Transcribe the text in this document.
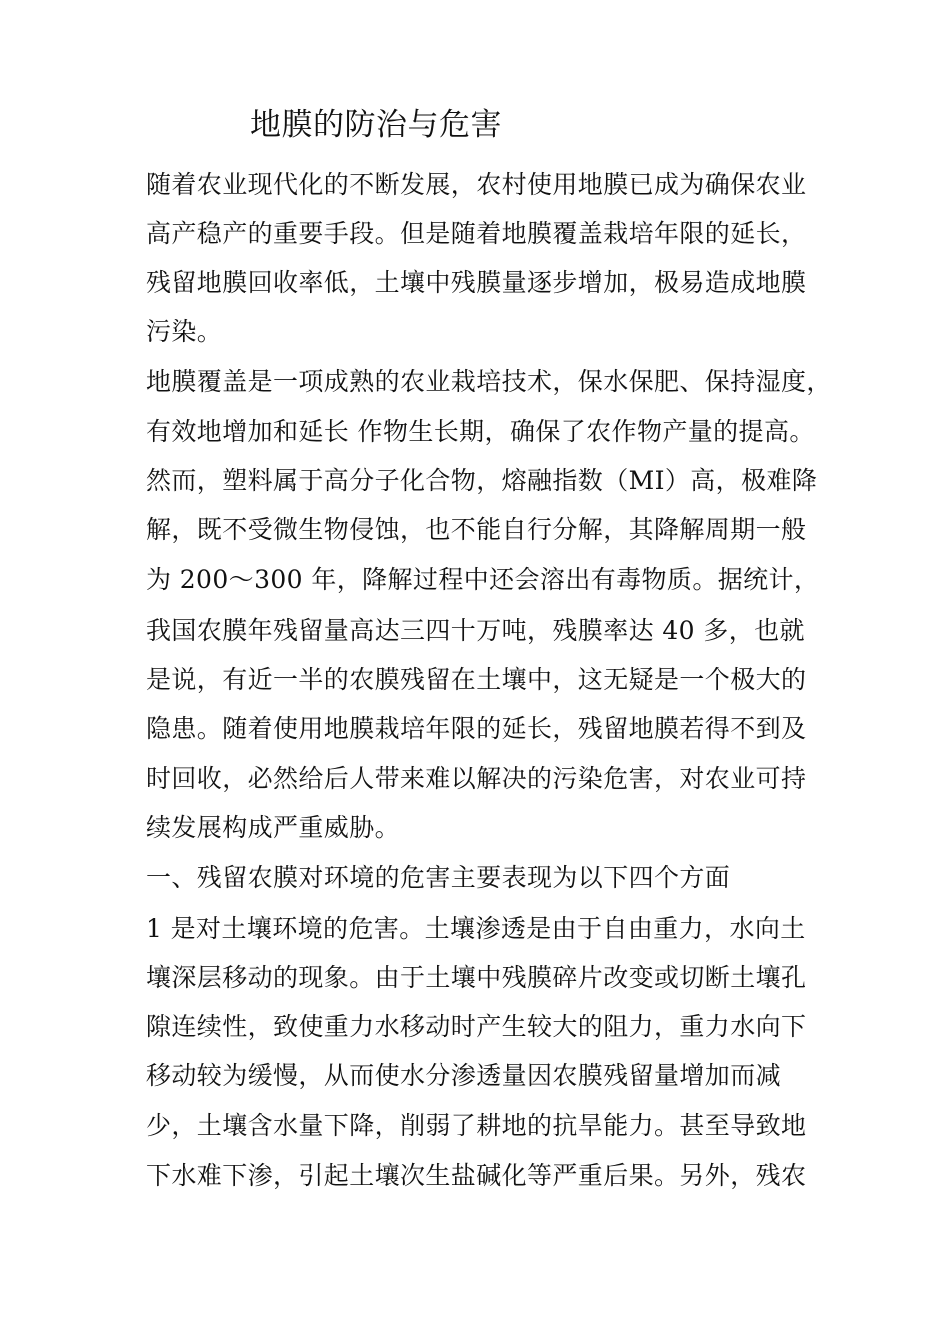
地膜的防治与危害
随着农业现代化的不断发展，农村使用地膜已成为确保农业
高产稳产的重要手段。但是随着地膜覆盖栽培年限的延长，
残留地膜回收率低，土壤中残膜量逐步增加，极易造成地膜
污染。
地膜覆盖是一项成熟的农业栽培技术，保水保肥、保持湿度，
有效地增加和延长 作物生长期，确保了农作物产量的提高。
然而，塑料属于高分子化合物，熔融指数（MI）高，极难降
解，既不受微生物侵蚀，也不能自行分解，其降解周期一般
为 200～300 年，降解过程中还会溶出有毒物质。据统计，
我国农膜年残留量高达三四十万吨，残膜率达 40 多，也就
是说，有近一半的农膜残留在土壤中，这无疑是一个极大的
隐患。随着使用地膜栽培年限的延长，残留地膜若得不到及
时回收，必然给后人带来难以解决的污染危害，对农业可持
续发展构成严重威胁。
一、残留农膜对环境的危害主要表现为以下四个方面
1 是对土壤环境的危害。土壤渗透是由于自由重力，水向土
壤深层移动的现象。由于土壤中残膜碎片改变或切断土壤孔
隙连续性，致使重力水移动时产生较大的阻力，重力水向下
移动较为缓慢，从而使水分渗透量因农膜残留量增加而减
少，土壤含水量下降，削弱了耕地的抗旱能力。甚至导致地
下水难下渗，引起土壤次生盐碱化等严重后果。另外，残农
